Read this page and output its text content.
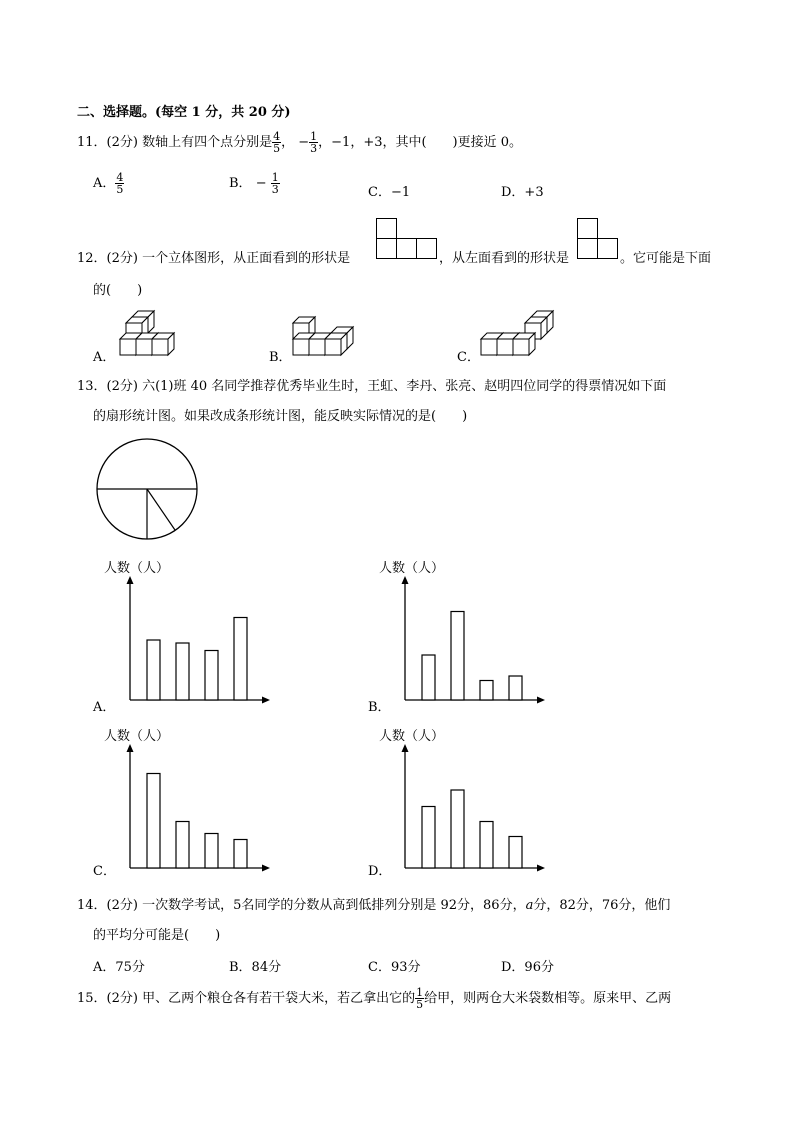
二、选择题。(每空 1 分，共 20 分)
11．(2分) 数轴上有四个点分别是 $\frac{4}{5}$ ， − $\frac{1}{3}$ ，−1，+3，其中(　　)更接近 0。
A． $\frac{4}{5}$	B． − $\frac{1}{3}$	C．−1	D．+3
12．(2分) 一个立体图形，从正面看到的形状是	，从左面看到的形状是	。它可能是下面
的(　　)
A．	B．	C．
13．(2分) 六(1)班 40 名同学推荐优秀毕业生时，王虹、李丹、张亮、赵明四位同学的得票情况如下面
的扇形统计图。如果改成条形统计图，能反映实际情况的是(　　)
人数（人）
A．
人数（人）
B．
人数（人）
C．
人数（人）
D．
14．(2分) 一次数学考试，5名同学的分数从高到低排列分别是 92分，86分，a分，82分，76分，他们
的平均分可能是(　　)
A．75分	B．84分	C．93分	D．96分
15．(2分) 甲、乙两个粮仓各有若干袋大米，若乙拿出它的 $\frac{1}{5}$ 给甲，则两仓大米袋数相等。原来甲、乙两
